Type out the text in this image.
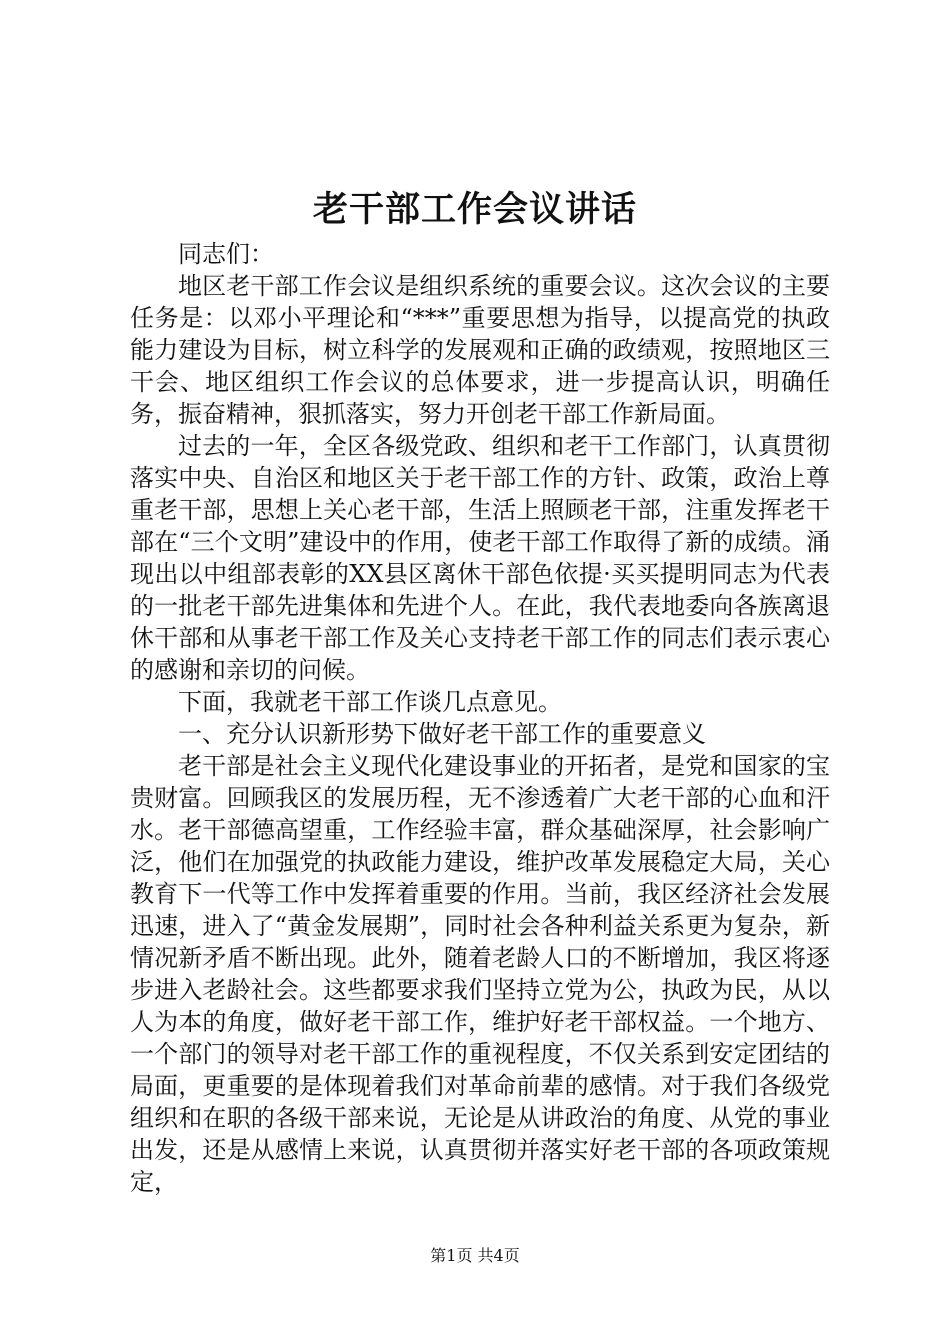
老干部工作会议讲话

同志们：

地区老干部工作会议是组织系统的重要会议。这次会议的主要任务是：以邓小平理论和“***”重要思想为指导，以提高党的执政能力建设为目标，树立科学的发展观和正确的政绩观，按照地区三干会、地区组织工作会议的总体要求，进一步提高认识，明确任务，振奋精神，狠抓落实，努力开创老干部工作新局面。

过去的一年，全区各级党政、组织和老干工作部门，认真贯彻落实中央、自治区和地区关于老干部工作的方针、政策，政治上尊重老干部，思想上关心老干部，生活上照顾老干部，注重发挥老干部在“三个文明”建设中的作用，使老干部工作取得了新的成绩。涌现出以中组部表彰的XX县区离休干部色依提·买买提明同志为代表的一批老干部先进集体和先进个人。在此，我代表地委向各族离退休干部和从事老干部工作及关心支持老干部工作的同志们表示衷心的感谢和亲切的问候。

下面，我就老干部工作谈几点意见。

一、充分认识新形势下做好老干部工作的重要意义

老干部是社会主义现代化建设事业的开拓者，是党和国家的宝贵财富。回顾我区的发展历程，无不渗透着广大老干部的心血和汗水。老干部德高望重，工作经验丰富，群众基础深厚，社会影响广泛，他们在加强党的执政能力建设，维护改革发展稳定大局，关心教育下一代等工作中发挥着重要的作用。当前，我区经济社会发展迅速，进入了“黄金发展期”，同时社会各种利益关系更为复杂，新情况新矛盾不断出现。此外，随着老龄人口的不断增加，我区将逐步进入老龄社会。这些都要求我们坚持立党为公，执政为民，从以人为本的角度，做好老干部工作，维护好老干部权益。一个地方、一个部门的领导对老干部工作的重视程度，不仅关系到安定团结的局面，更重要的是体现着我们对革命前辈的感情。对于我们各级党组织和在职的各级干部来说，无论是从讲政治的角度、从党的事业出发，还是从感情上来说，认真贯彻并落实好老干部的各项政策规定，

第1页 共4页
